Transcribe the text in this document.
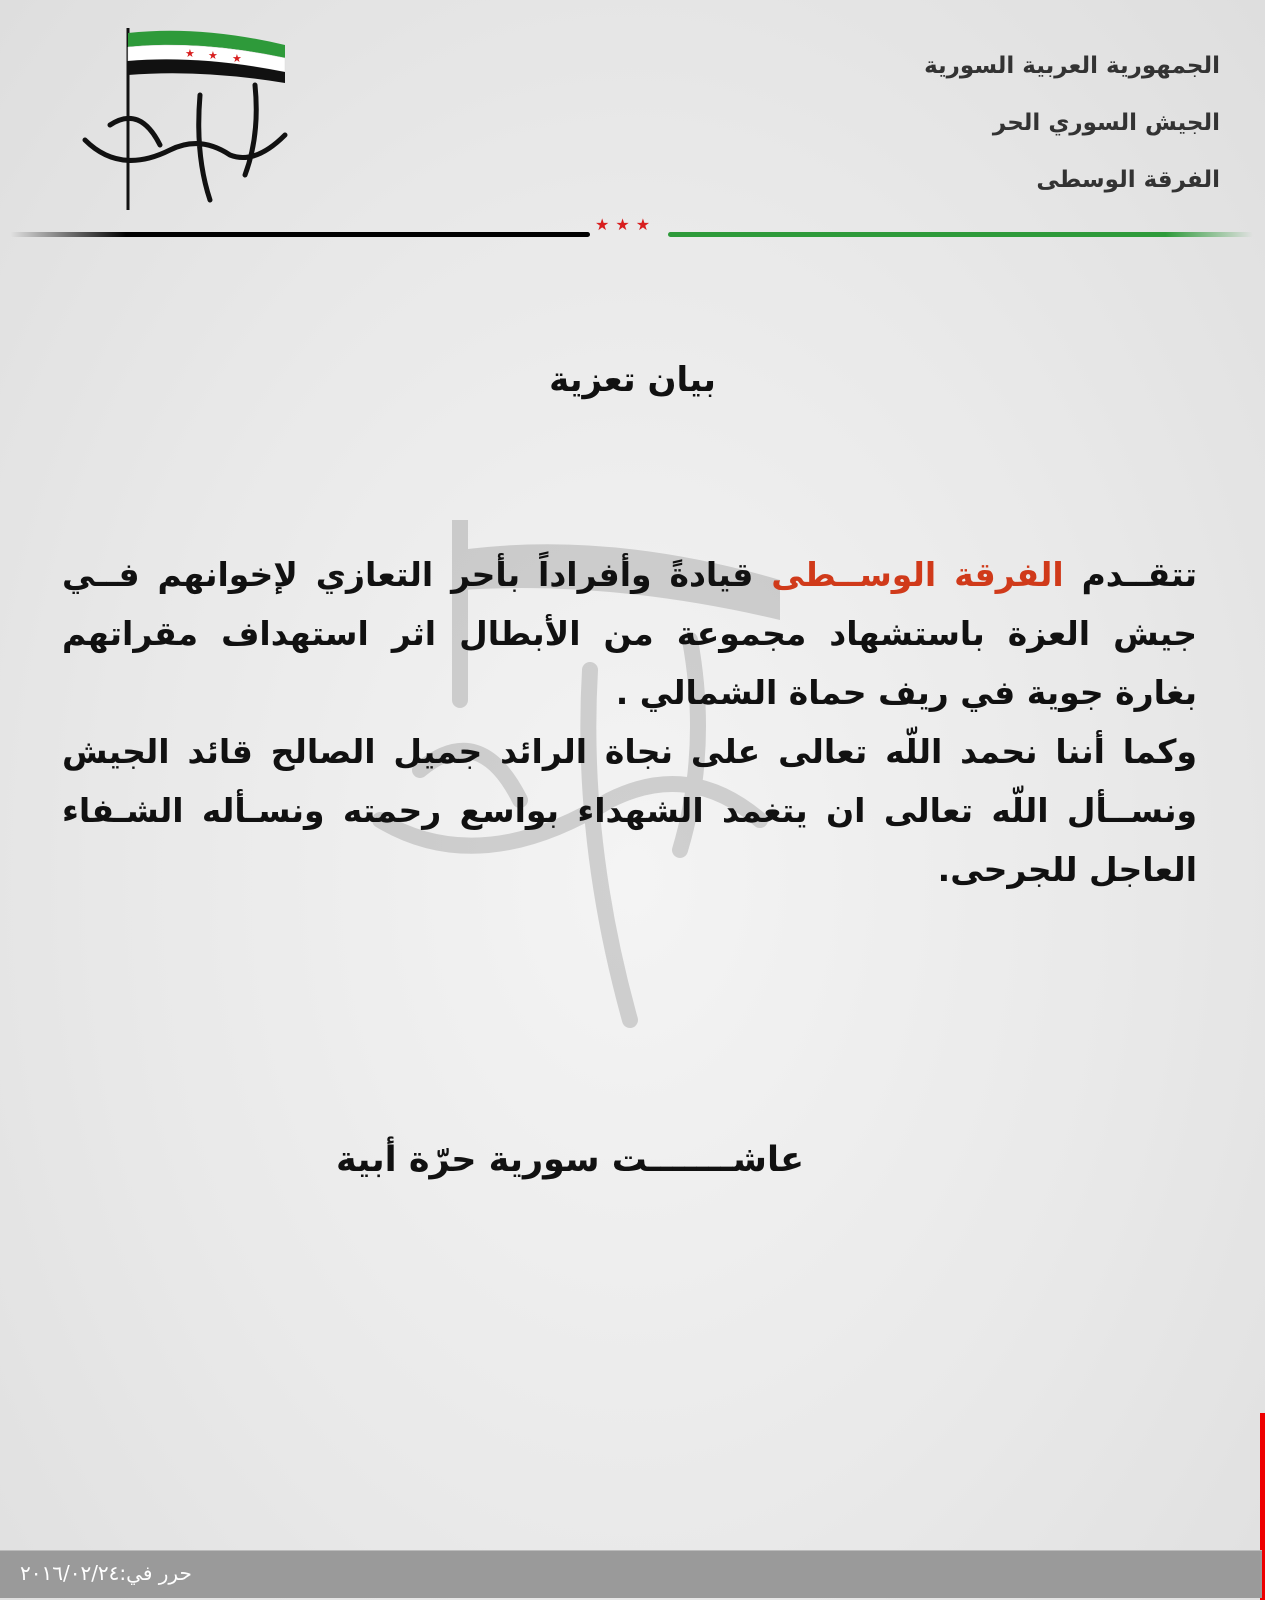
الجمهورية العربية السورية
الجيش السوري الحر
الفرقة الوسطى
★ ★ ★
★★★
بيان تعزية
تتقــدم الفرقة الوســطى قيادةً وأفراداً بأحر التعازي لإخوانهم فــي
جيش العزة باستشهاد مجموعة من الأبطال اثر استهداف مقراتهم
بغارة جوية في ريف حماة الشمالي .
وكما أننا نحمد اللّه تعالى على نجاة الرائد جميل الصالح قائد الجيش
ونســأل اللّه تعالى ان يتغمد الشهداء بواسع رحمته ونسـأله الشـفاء
العاجل للجرحى.
عاشـــــــت سورية حرّة أبية
حرر في:٢٠١٦/٠٢/٢٤
